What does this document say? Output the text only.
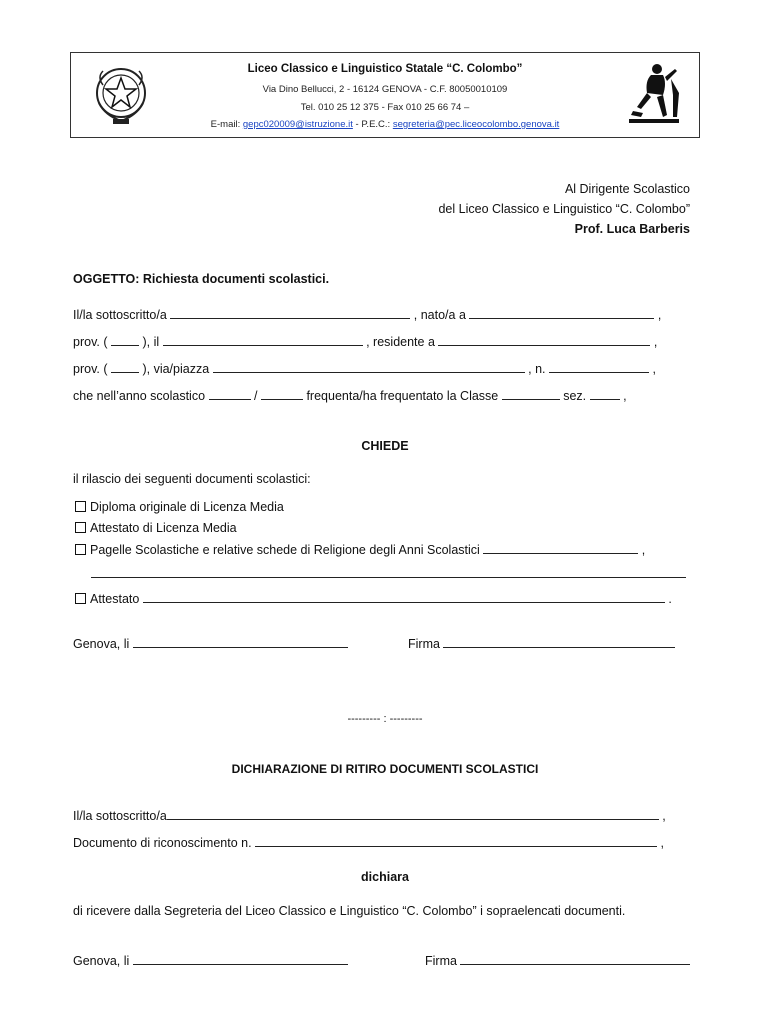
Liceo Classico e Linguistico Statale “C. Colombo”
Via Dino Bellucci, 2 - 16124 GENOVA - C.F. 80050010109
Tel. 010 25 12 375 - Fax 010 25 66 74 –
E-mail: gepc020009@istruzione.it - P.E.C.: segreteria@pec.liceocolombo.genova.it
Al Dirigente Scolastico
del Liceo Classico e Linguistico “C. Colombo”
Prof. Luca Barberis
OGGETTO: Richiesta documenti scolastici.
Il/la sottoscritto/a	, nato/a a	,
prov. (	), il	, residente a	,
prov. (	), via/piazza	, n.	,
che nell’anno scolastico	/	frequenta/ha frequentato la Classe	sez.	,
CHIEDE
il rilascio dei seguenti documenti scolastici:
Diploma originale di Licenza Media
Attestato di Licenza Media
Pagelle Scolastiche e relative schede di Religione degli Anni Scolastici	,
Attestato	.
Genova, li	Firma
--------- : ---------
DICHIARAZIONE DI RITIRO DOCUMENTI SCOLASTICI
Il/la sottoscritto/a	,
Documento di riconoscimento n.	,
dichiara
di ricevere dalla Segreteria del Liceo Classico e Linguistico “C. Colombo” i sopraelencati documenti.
Genova, li	Firma
